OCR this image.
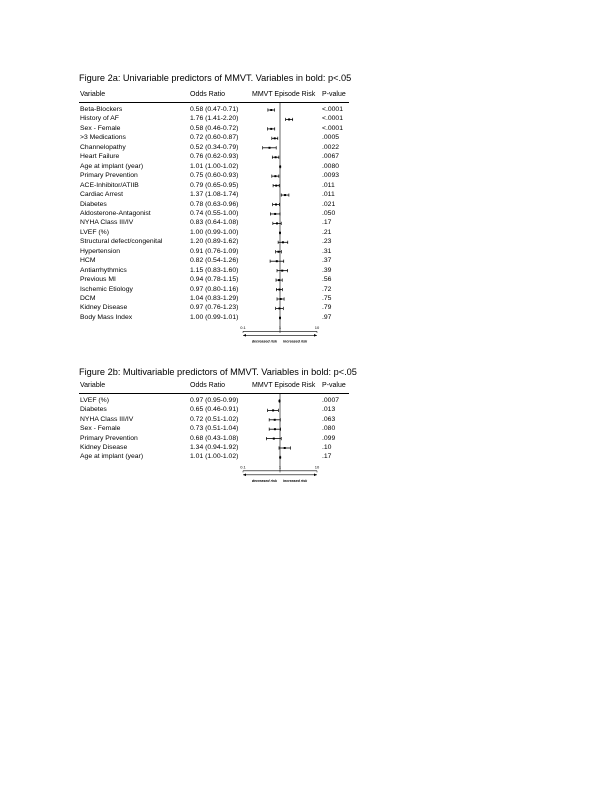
Figure 2a: Univariable predictors of MMVT. Variables in bold: p<.05
Variable	Odds Ratio	MMVT Episode Risk P-value
Beta-Blockers	0.58 (0.47-0.71)	<.0001
History of AF	1.76 (1.41-2.20)	<.0001
Sex - Female	0.58 (0.46-0.72)	<.0001
>3 Medications	0.72 (0.60-0.87)	.0005
Channelopathy	0.52 (0.34-0.79)	.0022
Heart Failure	0.76 (0.62-0.93)	.0067
Age at implant (year)	1.01 (1.00-1.02)	.0080
Primary Prevention	0.75 (0.60-0.93)	.0093
ACE-Inhibitor/ATIIB	0.79 (0.65-0.95)	.011
Cardiac Arrest	1.37 (1.08-1.74)	.011
Diabetes	0.78 (0.63-0.96)	.021
Aldosterone-Antagonist	0.74 (0.55-1.00)	.050
NYHA Class III/IV	0.83 (0.64-1.08)	.17
LVEF (%)	1.00 (0.99-1.00)	.21
Structural defect/congenital	1.20 (0.89-1.62)	.23
Hypertension	0.91 (0.76-1.09)	.31
HCM	0.82 (0.54-1.26)	.37
Antiarrhythmics	1.15 (0.83-1.60)	.39
Previous MI	0.94 (0.78-1.15)	.56
Ischemic Etiology	0.97 (0.80-1.16)	.72
DCM	1.04 (0.83-1.29)	.75
Kidney Disease	0.97 (0.76-1.23)	.79
Body Mass Index	1.00 (0.99-1.01)	.97
0.1	1	10
decreased risk increased risk
Figure 2b: Multivariable predictors of MMVT. Variables in bold: p<.05
Variable	Odds Ratio	MMVT Episode Risk P-value
LVEF (%)	0.97 (0.95-0.99)	.0007
Diabetes	0.65 (0.46-0.91)	.013
NYHA Class III/IV	0.72 (0.51-1.02)	.063
Sex - Female	0.73 (0.51-1.04)	.080
Primary Prevention	0.68 (0.43-1.08)	.099
Kidney Disease	1.34 (0.94-1.92)	.10
Age at implant (year)	1.01 (1.00-1.02)	.17
0.1	1	10
decreased risk increased risk
